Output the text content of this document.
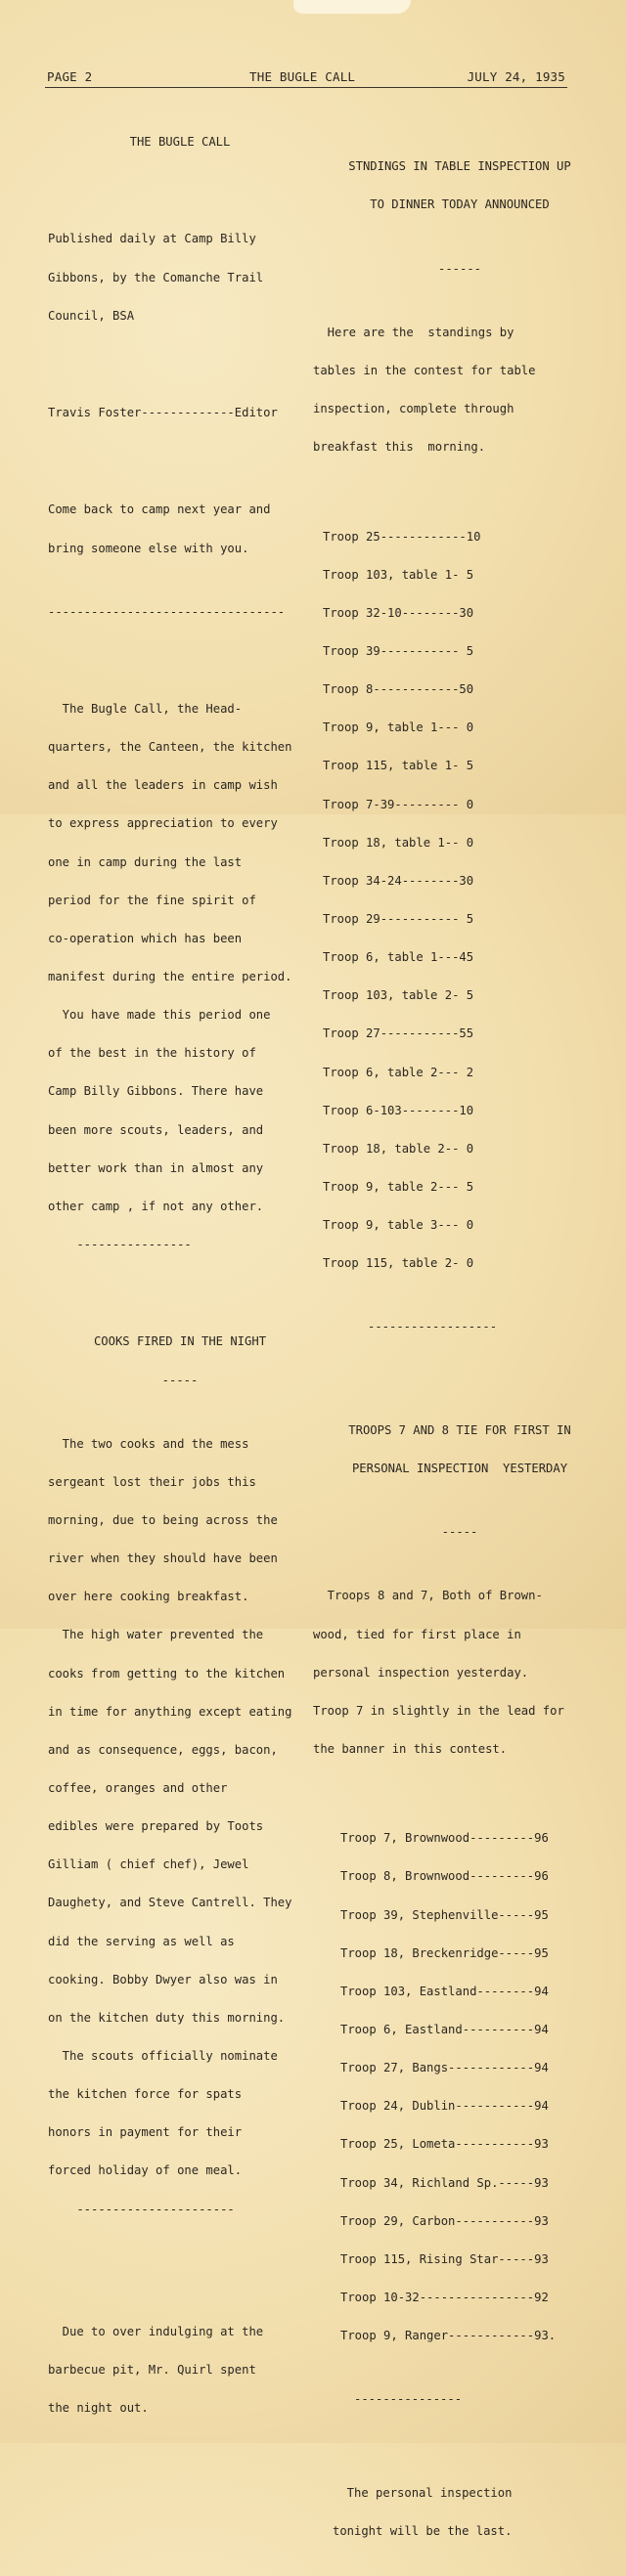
PAGE 2	THE BUGLE CALL	JULY 24, 1935

THE BUGLE CALL

Published daily at Camp Billy

Gibbons, by the Comanche Trail

Council, BSA

Travis Foster-------------Editor

Come back to camp next year and

bring someone else with you.

---------------------------------

The Bugle Call, the Head-

quarters, the Canteen, the kitchen

and all the leaders in camp wish

to express appreciation to every

one in camp during the last

period for the fine spirit of

co-operation which has been

manifest during the entire period.

You have made this period one

of the best in the history of

Camp Billy Gibbons. There have

been more scouts, leaders, and

better work than in almost any

other camp , if not any other.

----------------

COOKS FIRED IN THE NIGHT

-----

The two cooks and the mess

sergeant lost their jobs this

morning, due to being across the

river when they should have been

over here cooking breakfast.

The high water prevented the

cooks from getting to the kitchen

in time for anything except eating

and as consequence, eggs, bacon,

coffee, oranges and other

edibles were prepared by Toots

Gilliam ( chief chef), Jewel

Daughety, and Steve Cantrell. They

did the serving as well as

cooking. Bobby Dwyer also was in

on the kitchen duty this morning.

The scouts officially nominate

the kitchen force for spats

honors in payment for their

forced holiday of one meal.

----------------------

Due to over indulging at the

barbecue pit, Mr. Quirl spent

the night out.

STNDINGS IN TABLE INSPECTION UP

TO DINNER TODAY ANNOUNCED

------

Here are the  standings by

tables in the contest for table

inspection, complete through

breakfast this  morning.

Troop 25------------10

Troop 103, table 1- 5

Troop 32-10--------30

Troop 39----------- 5

Troop 8------------50

Troop 9, table 1--- 0

Troop 115, table 1- 5

Troop 7-39--------- 0

Troop 18, table 1-- 0

Troop 34-24--------30

Troop 29----------- 5

Troop 6, table 1---45

Troop 103, table 2- 5

Troop 27-----------55

Troop 6, table 2--- 2

Troop 6-103--------10

Troop 18, table 2-- 0

Troop 9, table 2--- 5

Troop 9, table 3--- 0

Troop 115, table 2- 0

------------------

TROOPS 7 AND 8 TIE FOR FIRST IN

PERSONAL INSPECTION  YESTERDAY

-----

Troops 8 and 7, Both of Brown-

wood, tied for first place in

personal inspection yesterday.

Troop 7 in slightly in the lead for

the banner in this contest.

Troop 7, Brownwood---------96

Troop 8, Brownwood---------96

Troop 39, Stephenville-----95

Troop 18, Breckenridge-----95

Troop 103, Eastland--------94

Troop 6, Eastland----------94

Troop 27, Bangs------------94

Troop 24, Dublin-----------94

Troop 25, Lometa-----------93

Troop 34, Richland Sp.-----93

Troop 29, Carbon-----------93

Troop 115, Rising Star-----93

Troop 10-32----------------92

Troop 9, Ranger------------93.

---------------

The personal inspection

tonight will be the last.
